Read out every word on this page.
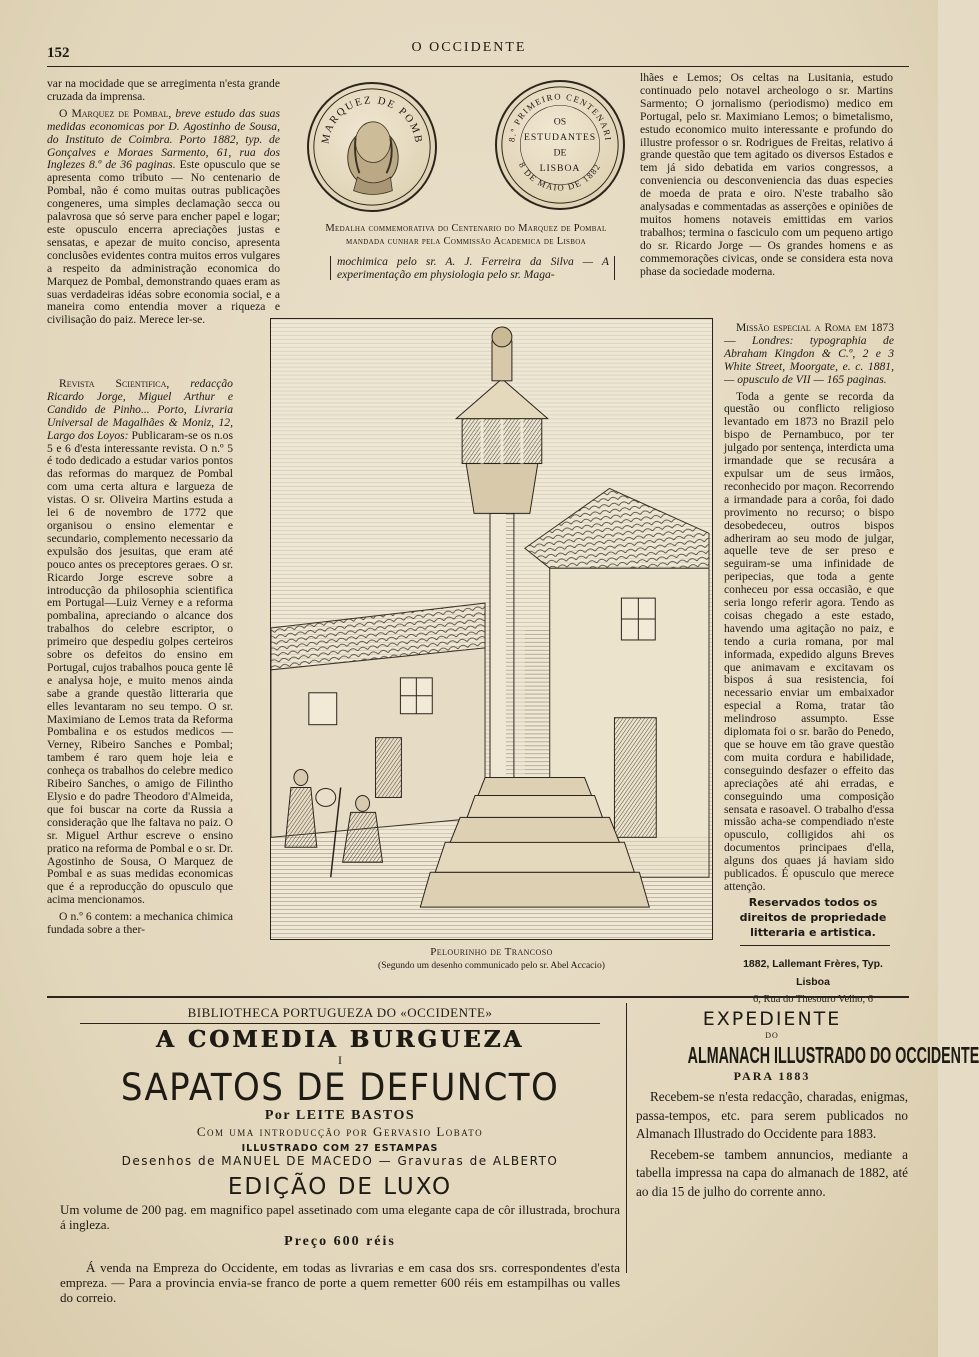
152	O OCCIDENTE

var na mocidade que se arregimenta n'esta grande cruzada da imprensa.

O Marquez de Pombal, breve estudo das suas medidas economicas por D. Agostinho de Sousa, do Instituto de Coimbra. Porto 1882, typ. de Gonçalves e Moraes Sarmento, 61, rua dos Inglezes 8.º de 36 paginas. Este opusculo que se apresenta como tributo — No centenario de Pombal, não é como muitas outras publicações congeneres, uma simples declamação secca ou palavrosa que só serve para encher papel e logar; este opusculo encerra apreciações justas e sensatas, e apezar de muito conciso, apresenta conclusões evidentes contra muitos erros vulgares a respeito da administração economica do Marquez de Pombal, demonstrando quaes eram as suas verdadeiras idéas sobre economia social, e a maneira como entendia mover a riqueza e civilisação do paiz. Merece ler-se.

Revista Scientifica, redacção Ricardo Jorge, Miguel Arthur e Candido de Pinho... Porto, Livraria Universal de Magalhães & Moniz, 12, Largo dos Loyos: Publicaram-se os n.os 5 e 6 d'esta interessante revista. O n.º 5 é todo dedicado a estudar varios pontos das reformas do marquez de Pombal com uma certa altura e largueza de vistas. O sr. Oliveira Martins estuda a lei 6 de novembro de 1772 que organisou o ensino elementar e secundario, complemento necessario da expulsão dos jesuitas, que eram até pouco antes os preceptores geraes. O sr. Ricardo Jorge escreve sobre a introducção da philosophia scientifica em Portugal—Luiz Verney e a reforma pombalina, apreciando o alcance dos trabalhos do celebre escriptor, o primeiro que despediu golpes certeiros sobre os defeitos do ensino em Portugal, cujos trabalhos pouca gente lê e analysa hoje, e muito menos ainda sabe a grande questão litteraria que elles levantaram no seu tempo. O sr. Maximiano de Lemos trata da Reforma Pombalina e os estudos medicos — Verney, Ribeiro Sanches e Pombal; tambem é raro quem hoje leia e conheça os trabalhos do celebre medico Ribeiro Sanches, o amigo de Filintho Elysio e do padre Theodoro d'Almeida, que foi buscar na corte da Russia a consideração que lhe faltava no paiz. O sr. Miguel Arthur escreve o ensino pratico na reforma de Pombal e o sr. Dr. Agostinho de Sousa, O Marquez de Pombal e as suas medidas economicas que é a reproducção do opusculo que acima mencionamos.

O n.º 6 contem: a mechanica chimica fundada sobre a ther-

MARQUEZ DE POMB	8.º PRIMEIRO CENTENARI
8 DE MAIO DE 1882
OS
ESTUDANTES
DE
LISBOA
Medalha commemorativa do Centenario do Marquez de Pombal
mandada cunhar pela Commissão Academica de Lisboa
mochimica pelo sr. A. J. Ferreira da Silva — A experimentação em physiologia pelo sr. Maga-

lhães e Lemos; Os celtas na Lusitania, estudo continuado pelo notavel archeologo o sr. Martins Sarmento; O jornalismo (periodismo) medico em Portugal, pelo sr. Maximiano Lemos; o bimetalismo, estudo economico muito interessante e profundo do illustre professor o sr. Rodrigues de Freitas, relativo á grande questão que tem agitado os diversos Estados e tem já sido debatida em varios congressos, a conveniencia ou desconveniencia das duas especies de moeda de prata e oiro. N'este trabalho são analysadas e commentadas as asserções e opiniões de muitos homens notaveis emittidas em varios trabalhos; termina o fasciculo com um pequeno artigo do sr. Ricardo Jorge — Os grandes homens e as commemorações civicas, onde se considera esta nova phase da sociedade moderna.

Missão especial a Roma em 1873 — Londres: typographia de Abraham Kingdon & C.º, 2 e 3 White Street, Moorgate, e. c. 1881, — opusculo de VII — 165 paginas.

Toda a gente se recorda da questão ou conflicto religioso levantado em 1873 no Brazil pelo bispo de Pernambuco, por ter julgado por sentença, interdicta uma irmandade que se recusára a expulsar um de seus irmãos, reconhecido por maçon. Recorrendo a irmandade para a corôa, foi dado provimento no recurso; o bispo desobedeceu, outros bispos adheriram ao seu modo de julgar, aquelle teve de ser preso e seguiram-se uma infinidade de peripecias, que toda a gente conheceu por essa occasião, e que seria longo referir agora. Tendo as coisas chegado a este estado, havendo uma agitação no paiz, e tendo a curia romana, por mal informada, expedido alguns Breves que animavam e excitavam os bispos á sua resistencia, foi necessario enviar um embaixador especial a Roma, tratar tão melindroso assumpto. Esse diplomata foi o sr. barão do Penedo, que se houve em tão grave questão com muita cordura e habilidade, conseguindo desfazer o effeito das apreciações até ahi erradas, e conseguindo uma composição sensata e rasoavel. O trabalho d'essa missão acha-se compendiado n'este opusculo, colligidos ahi os documentos principaes d'ella, alguns dos quaes já haviam sido publicados. É opusculo que merece attenção.

Pelourinho de Trancoso
(Segundo um desenho communicado pelo sr. Abel Accacio)
Reservados todos os direitos de propriedade litteraria e artistica.
1882, Lallemant Frères, Typ. Lisboa
6, Rua do Thesouro Velho, 6
BIBLIOTHECA PORTUGUEZA DO «OCCIDENTE»
A COMEDIA BURGUEZA
I
SAPATOS DE DEFUNCTO
Por LEITE BASTOS
Com uma introducção por Gervasio Lobato
ILLUSTRADO COM 27 ESTAMPAS
Desenhos de MANUEL DE MACEDO — Gravuras de ALBERTO
EDIÇÃO DE LUXO
Um volume de 200 pag. em magnifico papel assetinado com uma elegante capa de côr illustrada, brochura á ingleza.
Preço 600 réis
Á venda na Empreza do Occidente, em todas as livrarias e em casa dos srs. correspondentes d'esta empreza. — Para a provincia envia-se franco de porte a quem remetter 600 réis em estampilhas ou valles do correio.
EXPEDIENTE
DO
ALMANACH ILLUSTRADO DO OCCIDENTE
PARA 1883

Recebem-se n'esta redacção, charadas, enigmas, passa-tempos, etc. para serem publicados no Almanach Illustrado do Occidente para 1883.

Recebem-se tambem annuncios, mediante a tabella impressa na capa do almanach de 1882, até ao dia 15 de julho do corrente anno.
